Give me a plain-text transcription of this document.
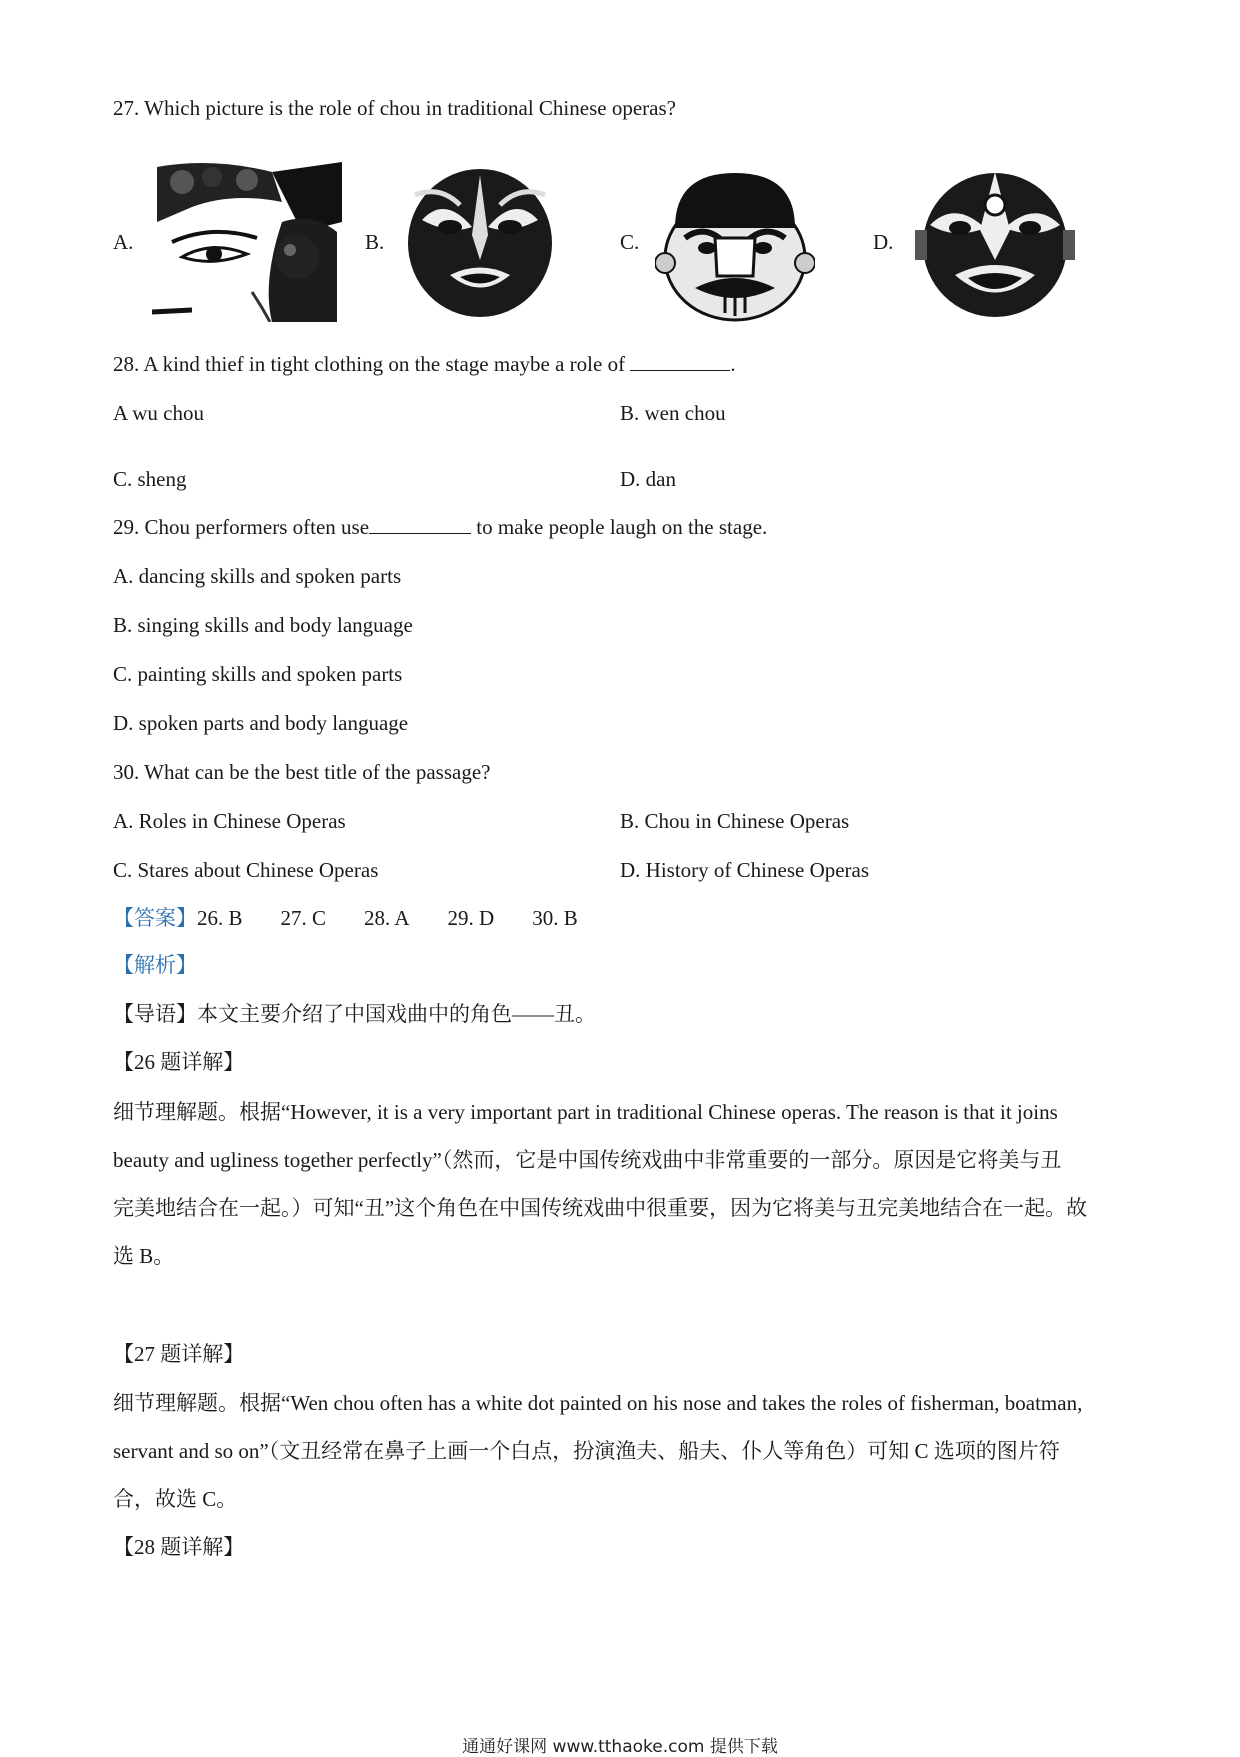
27. Which picture is the role of chou in traditional Chinese operas?
A.	B.	C.	D.
28. A kind thief in tight clothing on the stage maybe a role of	.
A wu chou	B. wen chou
C. sheng	D. dan
29. Chou performers often use	to make people laugh on the stage.
A. dancing skills and spoken parts
B. singing skills and body language
C. painting skills and spoken parts
D. spoken parts and body language
30. What can be the best title of the passage?
A. Roles in Chinese Operas	B. Chou in Chinese Operas
C. Stares about Chinese Operas	D. History of Chinese Operas
【答案】26. B 27. C 28. A 29. D 30. B
【解析】
【导语】本文主要介绍了中国戏曲中的角色——丑。
【26 题详解】
细节理解题。根据“However, it is a very important part in traditional Chinese operas. The reason is that it joins
beauty and ugliness together perfectly”（然而，它是中国传统戏曲中非常重要的一部分。原因是它将美与丑
完美地结合在一起。）可知“丑”这个角色在中国传统戏曲中很重要，因为它将美与丑完美地结合在一起。故
选 B。
【27 题详解】
细节理解题。根据“Wen chou often has a white dot painted on his nose and takes the roles of fisherman, boatman,
servant and so on”（文丑经常在鼻子上画一个白点，扮演渔夫、船夫、仆人等角色）可知 C 选项的图片符
合，故选 C。
【28 题详解】
通通好课网 www.tthaoke.com 提供下载
